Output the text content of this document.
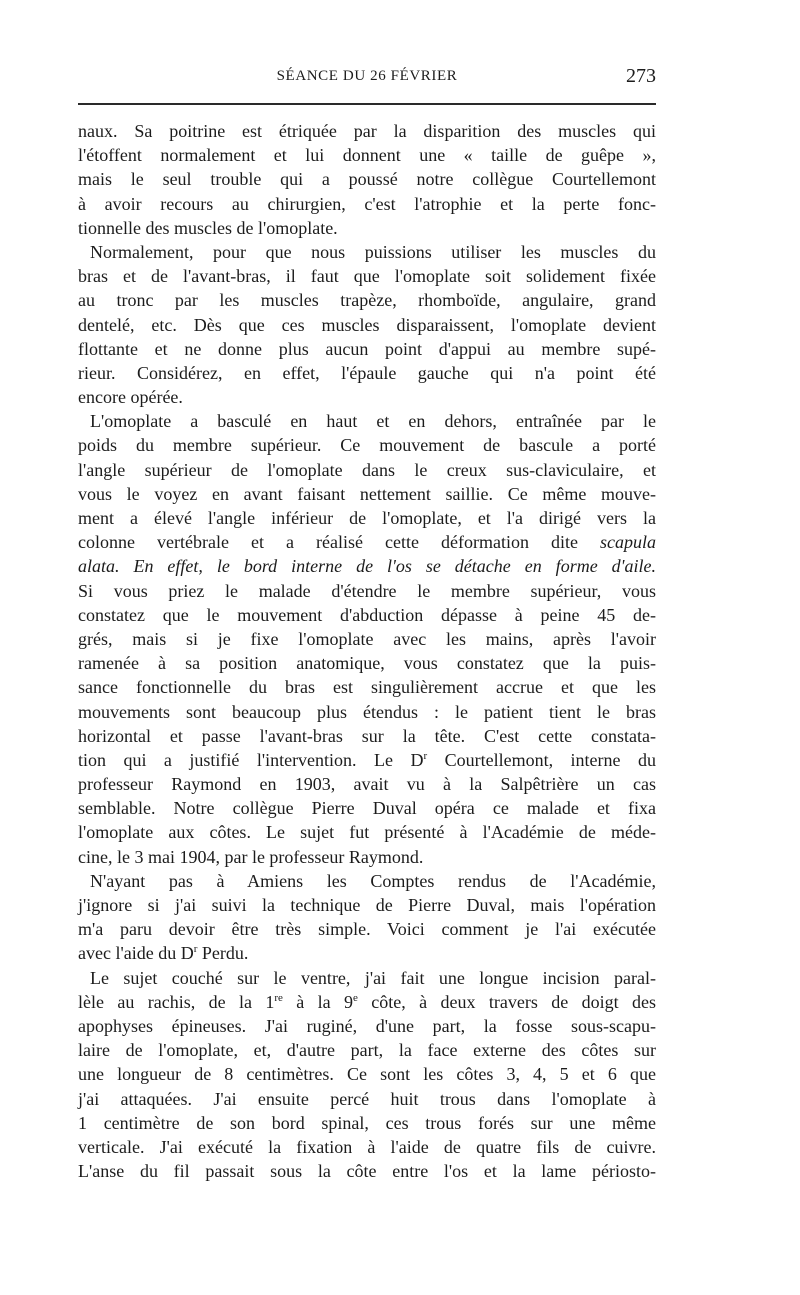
SÉANCE DU 26 FÉVRIER	273
naux. Sa poitrine est étriquée par la disparition des muscles qui
l'étoffent normalement et lui donnent une « taille de guêpe »,
mais le seul trouble qui a poussé notre collègue Courtellemont
à avoir recours au chirurgien, c'est l'atrophie et la perte fonc-
tionnelle des muscles de l'omoplate.
Normalement, pour que nous puissions utiliser les muscles du
bras et de l'avant-bras, il faut que l'omoplate soit solidement fixée
au tronc par les muscles trapèze, rhomboïde, angulaire, grand
dentelé, etc. Dès que ces muscles disparaissent, l'omoplate devient
flottante et ne donne plus aucun point d'appui au membre supé-
rieur. Considérez, en effet, l'épaule gauche qui n'a point été
encore opérée.
L'omoplate a basculé en haut et en dehors, entraînée par le
poids du membre supérieur. Ce mouvement de bascule a porté
l'angle supérieur de l'omoplate dans le creux sus-claviculaire, et
vous le voyez en avant faisant nettement saillie. Ce même mouve-
ment a élevé l'angle inférieur de l'omoplate, et l'a dirigé vers la
colonne vertébrale et a réalisé cette déformation dite scapula
alata. En effet, le bord interne de l'os se détache en forme d'aile.
Si vous priez le malade d'étendre le membre supérieur, vous
constatez que le mouvement d'abduction dépasse à peine 45 de-
grés, mais si je fixe l'omoplate avec les mains, après l'avoir
ramenée à sa position anatomique, vous constatez que la puis-
sance fonctionnelle du bras est singulièrement accrue et que les
mouvements sont beaucoup plus étendus : le patient tient le bras
horizontal et passe l'avant-bras sur la tête. C'est cette constata-
tion qui a justifié l'intervention. Le $D^r$ Courtellemont, interne du
professeur Raymond en 1903, avait vu à la Salpêtrière un cas
semblable. Notre collègue Pierre Duval opéra ce malade et fixa
l'omoplate aux côtes. Le sujet fut présenté à l'Académie de méde-
cine, le 3 mai 1904, par le professeur Raymond.
N'ayant pas à Amiens les Comptes rendus de l'Académie,
j'ignore si j'ai suivi la technique de Pierre Duval, mais l'opération
m'a paru devoir être très simple. Voici comment je l'ai exécutée
avec l'aide du $D^r$ Perdu.
Le sujet couché sur le ventre, j'ai fait une longue incision paral-
lèle au rachis, de la 1re à la 9e côte, à deux travers de doigt des
apophyses épineuses. J'ai ruginé, d'une part, la fosse sous-scapu-
laire de l'omoplate, et, d'autre part, la face externe des côtes sur
une longueur de 8 centimètres. Ce sont les côtes 3, 4, 5 et 6 que
j'ai attaquées. J'ai ensuite percé huit trous dans l'omoplate à
1 centimètre de son bord spinal, ces trous forés sur une même
verticale. J'ai exécuté la fixation à l'aide de quatre fils de cuivre.
L'anse du fil passait sous la côte entre l'os et la lame périosto-
